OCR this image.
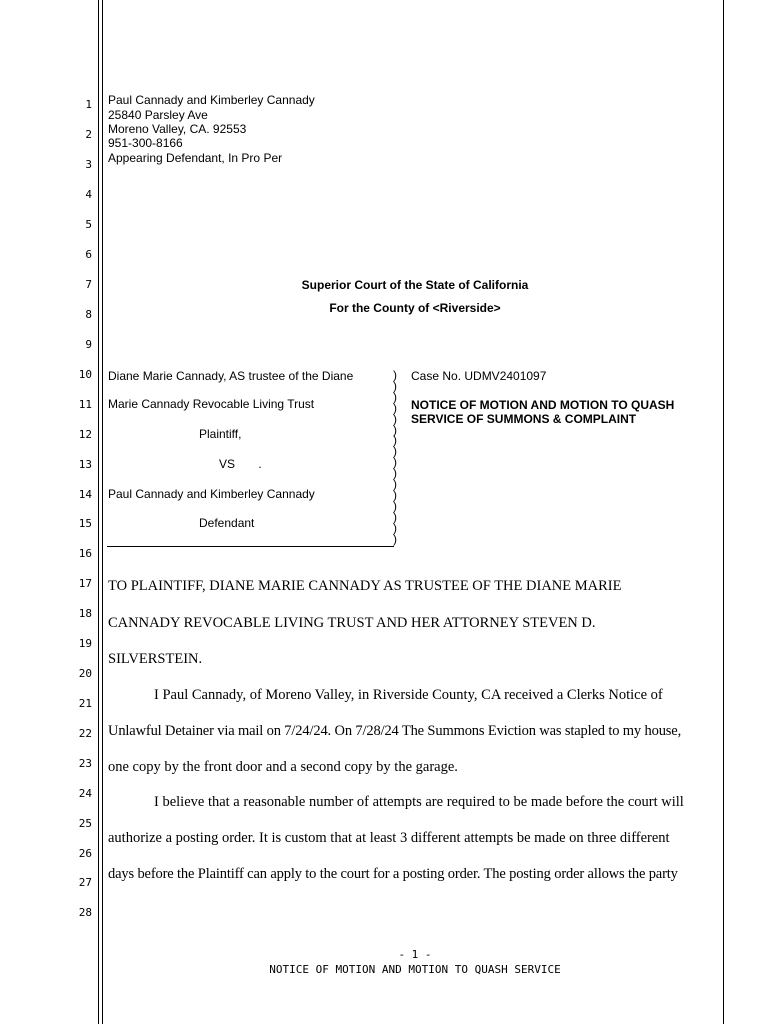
1
2
3
4
5
6
7
8
9
10
11
12
13
14
15
16
17
18
19
20
21
22
23
24
25
26
27
28
Paul Cannady and Kimberley Cannady
25840 Parsley Ave
Moreno Valley, CA. 92553
951-300-8166
Appearing Defendant, In Pro Per
Superior Court of the State of California
For the County of <Riverside>
Diane Marie Cannady, AS trustee of the Diane
Marie Cannady Revocable Living Trust
Plaintiff,
VS       .
Paul Cannady and Kimberley Cannady
Defendant
)
)
)
)
)
)
)
)
)
)
)
)
)
)
)
)
Case No. UDMV2401097
NOTICE OF MOTION AND MOTION TO QUASH
SERVICE OF SUMMONS & COMPLAINT
TO PLAINTIFF, DIANE MARIE CANNADY AS TRUSTEE OF THE DIANE MARIE
CANNADY REVOCABLE LIVING TRUST AND HER ATTORNEY STEVEN D.
SILVERSTEIN.
I Paul Cannady, of Moreno Valley, in Riverside County, CA received a Clerks Notice of
Unlawful Detainer via mail on 7/24/24. On 7/28/24 The Summons Eviction was stapled to my house,
one copy by the front door and a second copy by the garage.
I believe that a reasonable number of attempts are required to be made before the court will
authorize a posting order. It is custom that at least 3 different attempts be made on three different
days before the Plaintiff can apply to the court for a posting order. The posting order allows the party
- 1 -
NOTICE OF MOTION AND MOTION TO QUASH SERVICE
